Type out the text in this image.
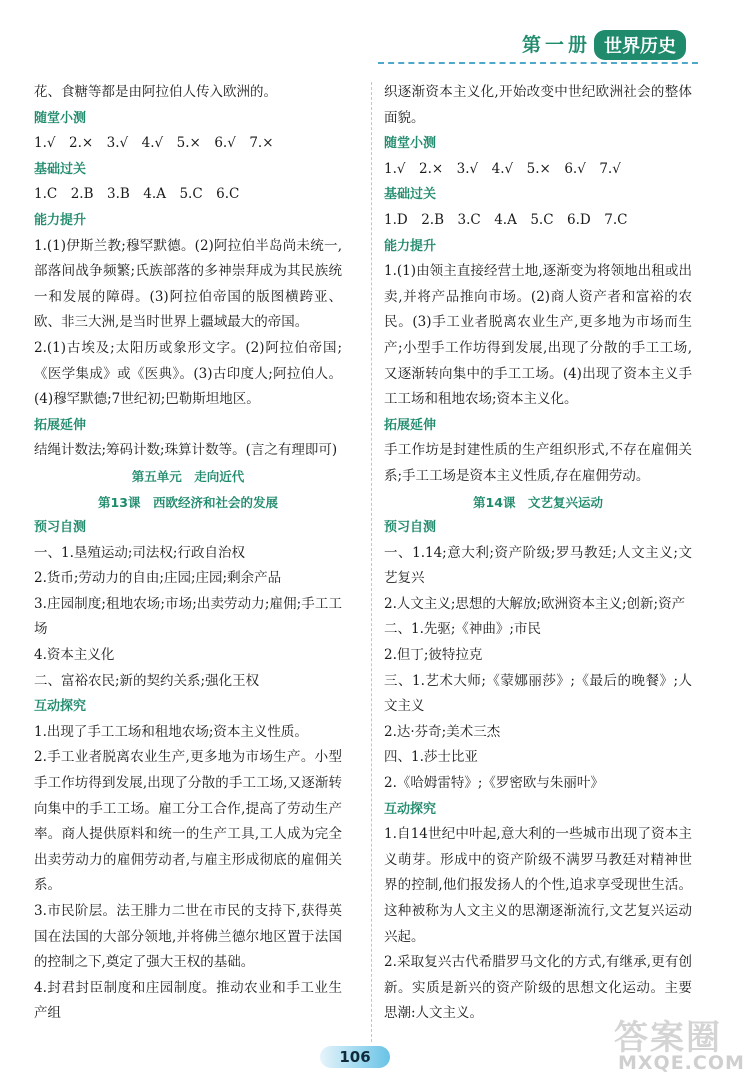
第一册 世界历史
花、食糖等都是由阿拉伯人传入欧洲的。
随堂小测
1.√　2.×　3.√　4.√　5.×　6.√　7.×
基础过关
1.C　2.B　3.B　4.A　5.C　6.C
能力提升
1.(1)伊斯兰教;穆罕默德。(2)阿拉伯半岛尚未统一,部落间战争频繁;氏族部落的多神崇拜成为其民族统一和发展的障碍。(3)阿拉伯帝国的版图横跨亚、欧、非三大洲,是当时世界上疆域最大的帝国。
2.(1)古埃及;太阳历或象形文字。(2)阿拉伯帝国;《医学集成》或《医典》。(3)古印度人;阿拉伯人。(4)穆罕默德;7世纪初;巴勒斯坦地区。
拓展延伸
结绳计数法;筹码计数;珠算计数等。(言之有理即可)
第五单元　走向近代
第13课　西欧经济和社会的发展
预习自测
一、1.垦殖运动;司法权;行政自治权
2.货币;劳动力的自由;庄园;庄园;剩余产品
3.庄园制度;租地农场;市场;出卖劳动力;雇佣;手工工场
4.资本主义化
二、富裕农民;新的契约关系;强化王权
互动探究
1.出现了手工工场和租地农场;资本主义性质。
2.手工业者脱离农业生产,更多地为市场生产。小型手工作坊得到发展,出现了分散的手工工场,又逐渐转向集中的手工工场。雇工分工合作,提高了劳动生产率。商人提供原料和统一的生产工具,工人成为完全出卖劳动力的雇佣劳动者,与雇主形成彻底的雇佣关系。
3.市民阶层。法王腓力二世在市民的支持下,获得英国在法国的大部分领地,并将佛兰德尔地区置于法国的控制之下,奠定了强大王权的基础。
4.封君封臣制度和庄园制度。推动农业和手工业生产组
织逐渐资本主义化,开始改变中世纪欧洲社会的整体面貌。
随堂小测
1.√　2.×　3.√　4.√　5.×　6.√　7.√
基础过关
1.D　2.B　3.C　4.A　5.C　6.D　7.C
能力提升
1.(1)由领主直接经营土地,逐渐变为将领地出租或出卖,并将产品推向市场。(2)商人资产者和富裕的农民。(3)手工业者脱离农业生产,更多地为市场而生产;小型手工作坊得到发展,出现了分散的手工工场,又逐渐转向集中的手工工场。(4)出现了资本主义手工工场和租地农场;资本主义化。
拓展延伸
手工作坊是封建性质的生产组织形式,不存在雇佣关系;手工工场是资本主义性质,存在雇佣劳动。
第14课　文艺复兴运动
预习自测
一、1.14;意大利;资产阶级;罗马教廷;人文主义;文艺复兴
2.人文主义;思想的大解放;欧洲资本主义;创新;资产
二、1.先驱;《神曲》;市民
2.但丁;彼特拉克
三、1.艺术大师;《蒙娜丽莎》;《最后的晚餐》;人文主义
2.达·芬奇;美术三杰
四、1.莎士比亚
2.《哈姆雷特》;《罗密欧与朱丽叶》
互动探究
1.自14世纪中叶起,意大利的一些城市出现了资本主义萌芽。形成中的资产阶级不满罗马教廷对精神世界的控制,他们报发扬人的个性,追求享受现世生活。这种被称为人文主义的思潮逐渐流行,文艺复兴运动兴起。
2.采取复兴古代希腊罗马文化的方式,有继承,更有创新。实质是新兴的资产阶级的思想文化运动。主要思潮:人文主义。
106	答案圈
MXQE.COM
